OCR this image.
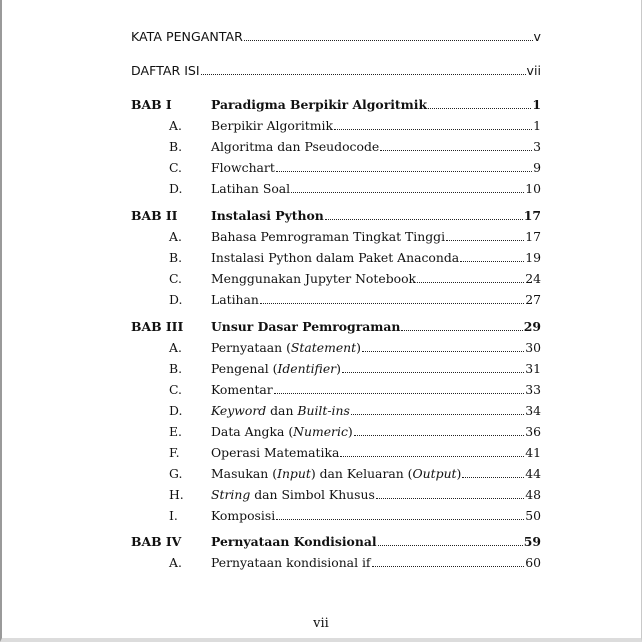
KATA PENGANTAR	v
DAFTAR ISI	vii
BAB I	Paradigma Berpikir Algoritmik	1
A.	Berpikir Algoritmik	1
B.	Algoritma dan Pseudocode	3
C.	Flowchart	9
D.	Latihan Soal	10
BAB II	Instalasi Python	17
A.	Bahasa Pemrograman Tingkat Tinggi	17
B.	Instalasi Python dalam Paket Anaconda	19
C.	Menggunakan Jupyter Notebook	24
D.	Latihan	27
BAB III	Unsur Dasar Pemrograman	29
A.	Pernyataan (Statement)	30
B.	Pengenal (Identifier)	31
C.	Komentar	33
D.	Keyword dan Built-ins	34
E.	Data Angka (Numeric)	36
F.	Operasi Matematika	41
G.	Masukan (Input) dan Keluaran (Output)	44
H.	String dan Simbol Khusus	48
I.	Komposisi	50
BAB IV	Pernyataan Kondisional	59
A.	Pernyataan kondisional if	60
vii
